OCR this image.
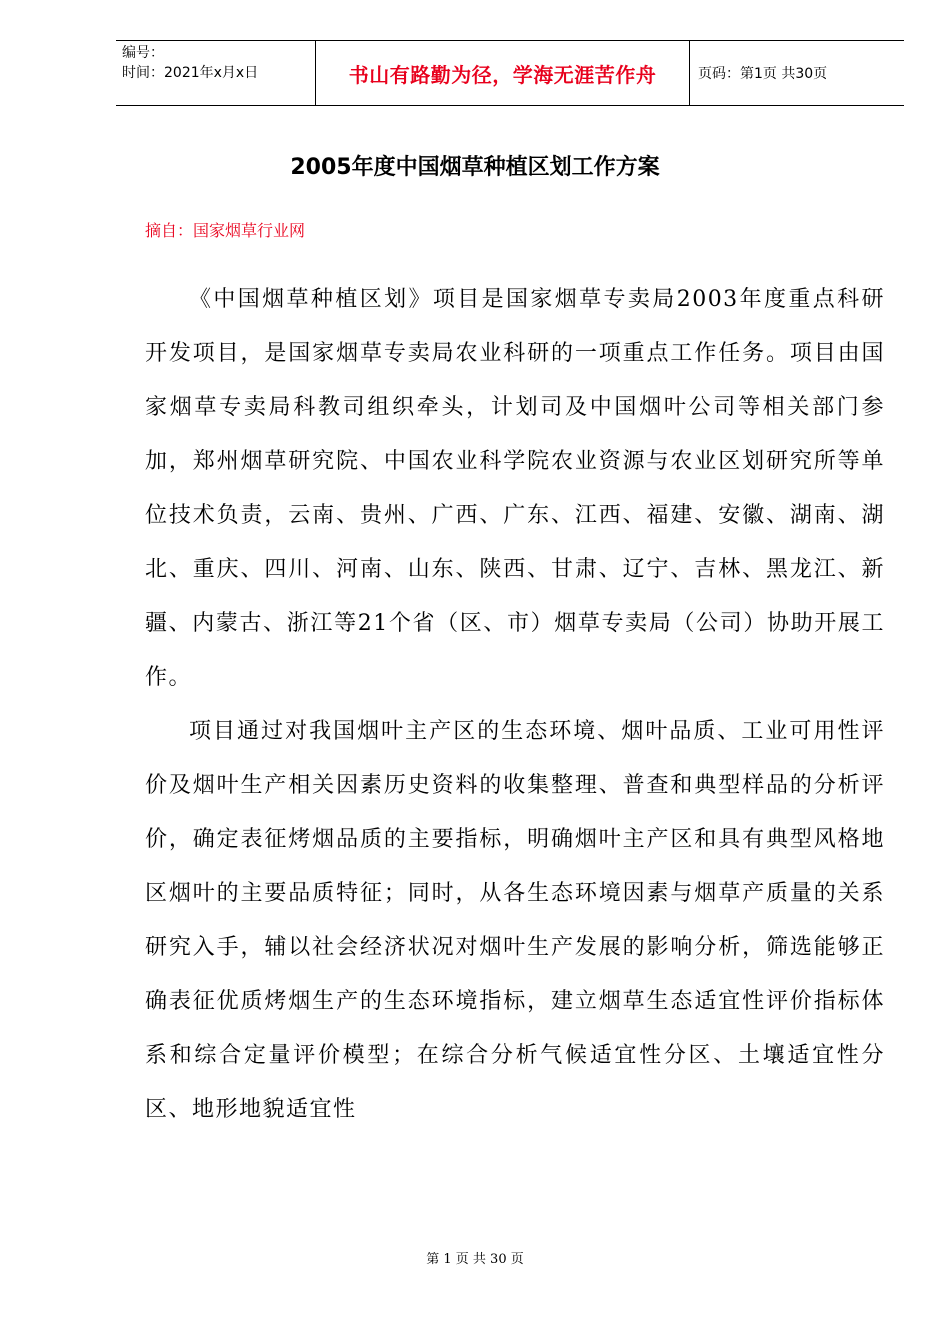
编号：
时间：2021年x月x日	书山有路勤为径，学海无涯苦作舟	页码：第1页 共30页
2005年度中国烟草种植区划工作方案
摘自：国家烟草行业网

《中国烟草种植区划》项目是国家烟草专卖局2003年度重点科研开发项目，是国家烟草专卖局农业科研的一项重点工作任务。项目由国家烟草专卖局科教司组织牵头，计划司及中国烟叶公司等相关部门参加，郑州烟草研究院、中国农业科学院农业资源与农业区划研究所等单位技术负责，云南、贵州、广西、广东、江西、福建、安徽、湖南、湖北、重庆、四川、河南、山东、陕西、甘肃、辽宁、吉林、黑龙江、新疆、内蒙古、浙江等21个省（区、市）烟草专卖局（公司）协助开展工作。

项目通过对我国烟叶主产区的生态环境、烟叶品质、工业可用性评价及烟叶生产相关因素历史资料的收集整理、普查和典型样品的分析评价，确定表征烤烟品质的主要指标，明确烟叶主产区和具有典型风格地区烟叶的主要品质特征；同时，从各生态环境因素与烟草产质量的关系研究入手，辅以社会经济状况对烟叶生产发展的影响分析，筛选能够正确表征优质烤烟生产的生态环境指标，建立烟草生态适宜性评价指标体系和综合定量评价模型；在综合分析气候适宜性分区、土壤适宜性分区、地形地貌适宜性

第 1 页 共 30 页
